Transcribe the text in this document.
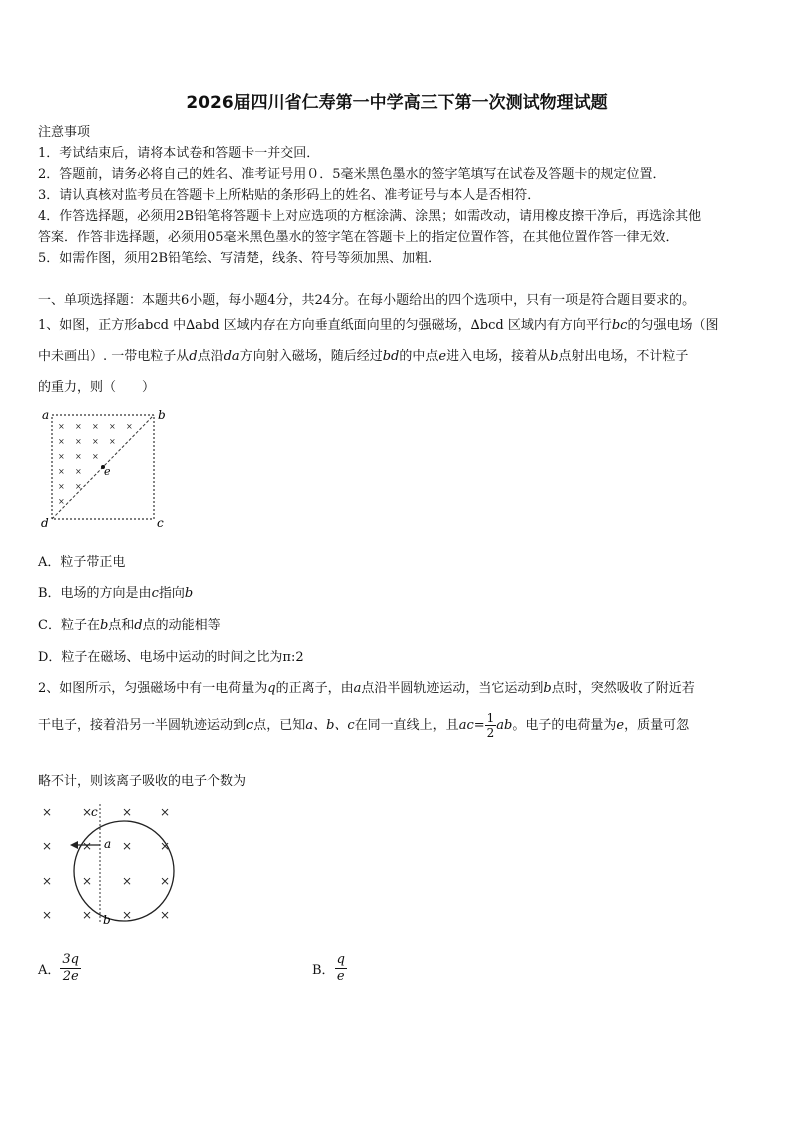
2026届四川省仁寿第一中学高三下第一次测试物理试题
注意事项
1．考试结束后，请将本试卷和答题卡一并交回．
2．答题前，请务必将自己的姓名、准考证号用０．5毫米黑色墨水的签字笔填写在试卷及答题卡的规定位置．
3．请认真核对监考员在答题卡上所粘贴的条形码上的姓名、准考证号与本人是否相符．
4．作答选择题，必须用2B铅笔将答题卡上对应选项的方框涂满、涂黑；如需改动，请用橡皮擦干净后，再选涂其他
答案．作答非选择题，必须用05毫米黑色墨水的签字笔在答题卡上的指定位置作答，在其他位置作答一律无效．
5．如需作图，须用2B铅笔绘、写清楚，线条、符号等须加黑、加粗．
一、单项选择题：本题共6小题，每小题4分，共24分。在每小题给出的四个选项中，只有一项是符合题目要求的。
1、如图，正方形abcd 中∆abd 区域内存在方向垂直纸面向里的匀强磁场，∆bcd 区域内有方向平行bc的匀强电场（图
中未画出）. 一带电粒子从d点沿da方向射入磁场，随后经过bd的中点e进入电场，接着从b点射出电场，不计粒子
的重力，则（　　）
× × × × ×
× × × ×
× × ×
× ×
× ×
×
a	b
c
d
e
A．粒子带正电
B．电场的方向是由c指向b
C．粒子在b点和d点的动能相等
D．粒子在磁场、电场中运动的时间之比为π:2
2、如图所示，匀强磁场中有一电荷量为q的正离子，由a点沿半圆轨迹运动，当它运动到b点时，突然吸收了附近若
干电子，接着沿另一半圆轨迹运动到c点，已知a、b、c在同一直线上，且$ac= \frac{1}{2}$ ab。电子的电荷量为e，质量可忽
略不计，则该离子吸收的电子个数为
× × × ×
× × × ×
× × × ×
× × × ×
c
a
b
A． $\frac{3q}{2e}$	B． $\frac{q}{e}$
